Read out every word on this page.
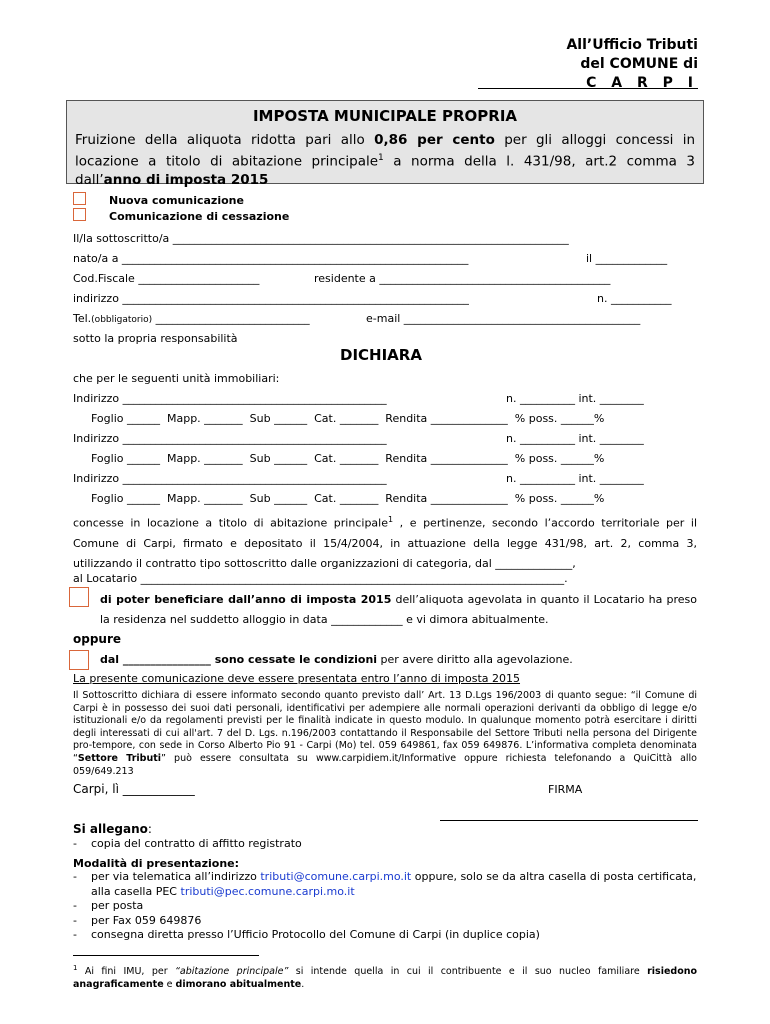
All’Ufficio Tributi
del COMUNE di
C A R P I
IMPOSTA MUNICIPALE PROPRIA
Fruizione della aliquota ridotta pari allo 0,86 per cento per gli alloggi concessi in locazione a titolo di abitazione principale$^1$ a norma della l. 431/98, art.2 comma 3 dall’anno di imposta 2015
Nuova comunicazione
Comunicazione di cessazione
Il/la sottoscritto/a ________________________________________________________________________
nato/a a _______________________________________________________________	il _____________
Cod.Fiscale ______________________	residente a __________________________________________
indirizzo _______________________________________________________________	n. ___________
Tel.(obbligatorio) ____________________________	e-mail ___________________________________________
sotto la propria responsabilità
DICHIARA
che per le seguenti unità immobiliari:
Indirizzo ________________________________________________	n. __________ int. ________
Foglio ______  Mapp. _______  Sub ______  Cat. _______  Rendita ______________  % poss. ______%
Indirizzo ________________________________________________	n. __________ int. ________
Foglio ______  Mapp. _______  Sub ______  Cat. _______  Rendita ______________  % poss. ______%
Indirizzo ________________________________________________	n. __________ int. ________
Foglio ______  Mapp. _______  Sub ______  Cat. _______  Rendita ______________  % poss. ______%
concesse in locazione a titolo di abitazione principale$^1$ , e pertinenze, secondo l’accordo territoriale per il Comune di Carpi, firmato e depositato il 15/4/2004, in attuazione della legge 431/98, art. 2, comma 3, utilizzando il contratto tipo sottoscritto dalle organizzazioni di categoria, dal ______________,
al Locatario _____________________________________________________________________________.
di poter beneficiare dall’anno di imposta 2015 dell’aliquota agevolata in quanto il Locatario ha preso la residenza nel suddetto alloggio in data _____________ e vi dimora abitualmente.
oppure
dal ________________ sono cessate le condizioni per avere diritto alla agevolazione.
La presente comunicazione deve essere presentata entro l’anno di imposta 2015
Il Sottoscritto dichiara di essere informato secondo quanto previsto dall’ Art. 13 D.Lgs 196/2003 di quanto segue: “il Comune di Carpi è in possesso dei suoi dati personali, identificativi per adempiere alle normali operazioni derivanti da obbligo di legge e/o istituzionali e/o da regolamenti previsti per le finalità indicate in questo modulo. In qualunque momento potrà esercitare i diritti degli interessati di cui all'art. 7 del D. Lgs. n.196/2003 contattando il Responsabile del Settore Tributi nella persona del Dirigente pro-tempore, con sede in Corso Alberto Pio 91 - Carpi (Mo) tel. 059 649861, fax 059 649876. L’informativa completa denominata “Settore Tributi” può essere consultata su www.carpidiem.it/Informative oppure richiesta telefonando a QuiCittà allo 059/649.213
Carpi, lì ____________	FIRMA
Si allegano:
- copia del contratto di affitto registrato
Modalità di presentazione:
- per via telematica all’indirizzo tributi@comune.carpi.mo.it oppure, solo se da altra casella di posta certificata, alla casella PEC tributi@pec.comune.carpi.mo.it
- per posta
- per Fax 059 649876
- consegna diretta presso l’Ufficio Protocollo del Comune di Carpi (in duplice copia)
$^1$ Ai fini IMU, per “abitazione principale” si intende quella in cui il contribuente e il suo nucleo familiare risiedono anagraficamente e dimorano abitualmente.
